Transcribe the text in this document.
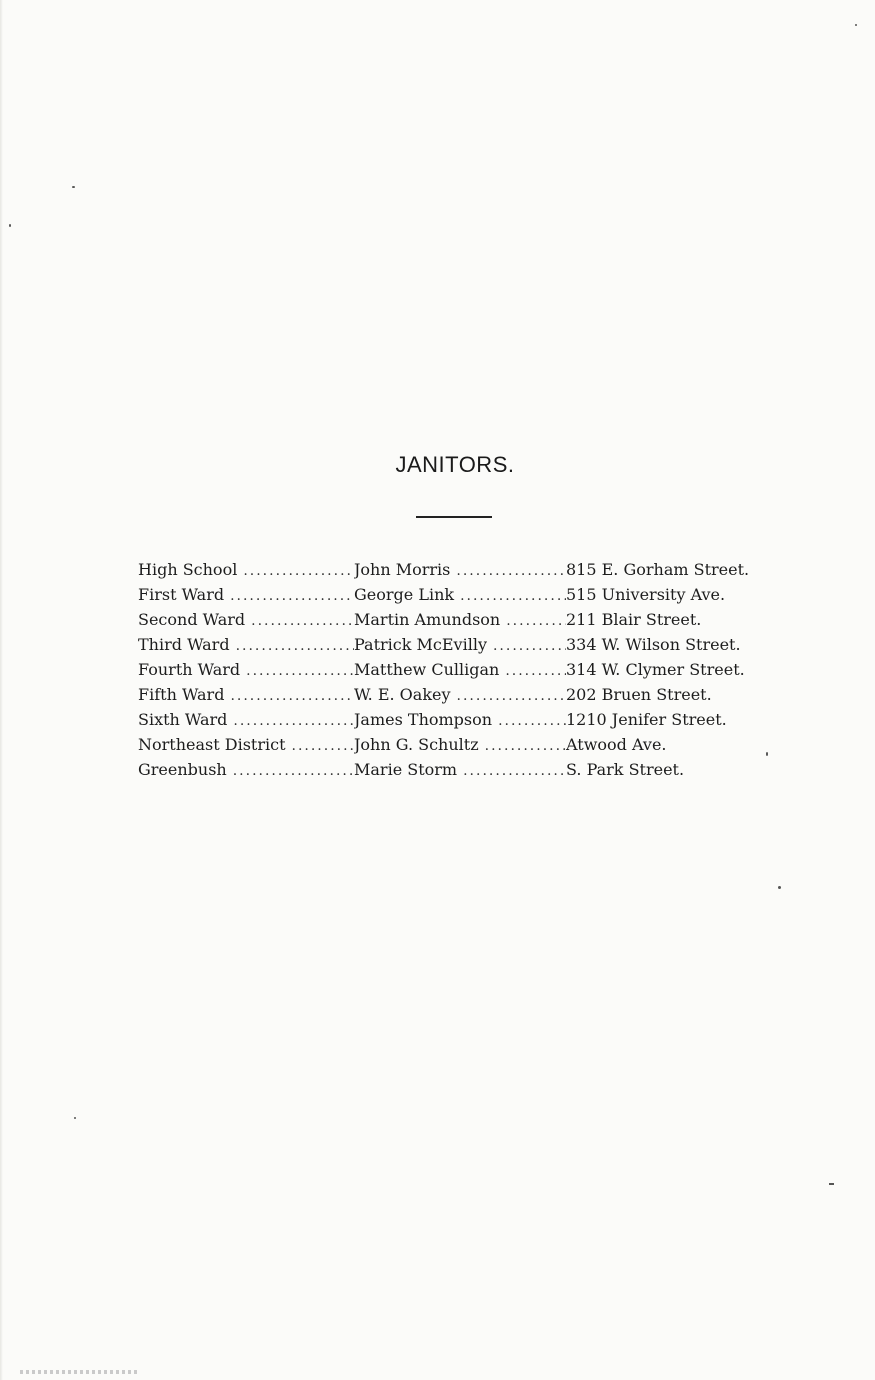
JANITORS.
High School .....	John Morris .....	815 E. Gorham Street.
First Ward .....	George Link .....	515 University Ave.
Second Ward .....	Martin Amundson .....	211 Blair Street.
Third Ward .....	Patrick McEvilly .....	334 W. Wilson Street.
Fourth Ward .....	Matthew Culligan .....	314 W. Clymer Street.
Fifth Ward .....	W. E. Oakey .....	202 Bruen Street.
Sixth Ward .....	James Thompson .....	1210 Jenifer Street.
Northeast District .....	John G. Schultz .....	Atwood Ave.
Greenbush .....	Marie Storm .....	S. Park Street.
